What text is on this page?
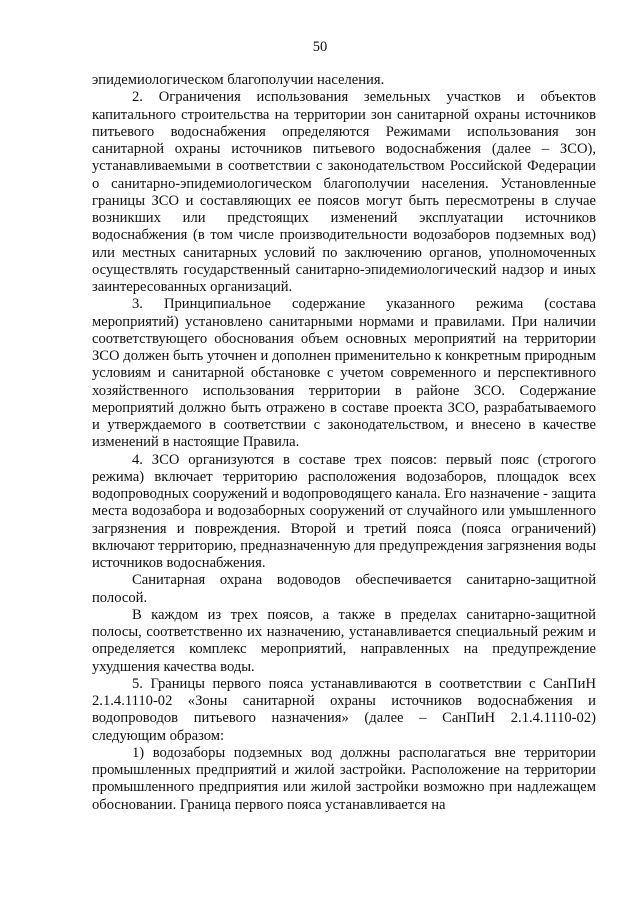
50

эпидемиологическом благополучии населения.

2. Ограничения использования земельных участков и объектов капитального строительства на территории зон санитарной охраны источников питьевого водоснабжения определяются Режимами использования зон санитарной охраны источников питьевого водоснабжения (далее – ЗСО), устанавливаемыми в соответствии с законодательством Российской Федерации о санитарно-эпидемиологическом благополучии населения. Установленные границы ЗСО и составляющих ее поясов могут быть пересмотрены в случае возникших или предстоящих изменений эксплуатации источников водоснабжения (в том числе производительности водозаборов подземных вод) или местных санитарных условий по заключению органов, уполномоченных осуществлять государственный санитарно-эпидемиологический надзор и иных заинтересованных организаций.

3. Принципиальное содержание указанного режима (состава мероприятий) установлено санитарными нормами и правилами. При наличии соответствующего обоснования объем основных мероприятий на территории ЗСО должен быть уточнен и дополнен применительно к конкретным природным условиям и санитарной обстановке с учетом современного и перспективного хозяйственного использования территории в районе ЗСО. Содержание мероприятий должно быть отражено в составе проекта ЗСО, разрабатываемого и утверждаемого в соответствии с законодательством, и внесено в качестве изменений в настоящие Правила.

4. ЗСО организуются в составе трех поясов: первый пояс (строгого режима) включает территорию расположения водозаборов, площадок всех водопроводных сооружений и водопроводящего канала. Его назначение - защита места водозабора и водозаборных сооружений от случайного или умышленного загрязнения и повреждения. Второй и третий пояса (пояса ограничений) включают территорию, предназначенную для предупреждения загрязнения воды источников водоснабжения.

Санитарная охрана водоводов обеспечивается санитарно-защитной полосой.

В каждом из трех поясов, а также в пределах санитарно-защитной полосы, соответственно их назначению, устанавливается специальный режим и определяется комплекс мероприятий, направленных на предупреждение ухудшения качества воды.

5. Границы первого пояса устанавливаются в соответствии с СанПиН 2.1.4.1110-02 «Зоны санитарной охраны источников водоснабжения и водопроводов питьевого назначения» (далее – СанПиН 2.1.4.1110-02) следующим образом:

1) водозаборы подземных вод должны располагаться вне территории промышленных предприятий и жилой застройки. Расположение на территории промышленного предприятия или жилой застройки возможно при надлежащем обосновании. Граница первого пояса устанавливается на
